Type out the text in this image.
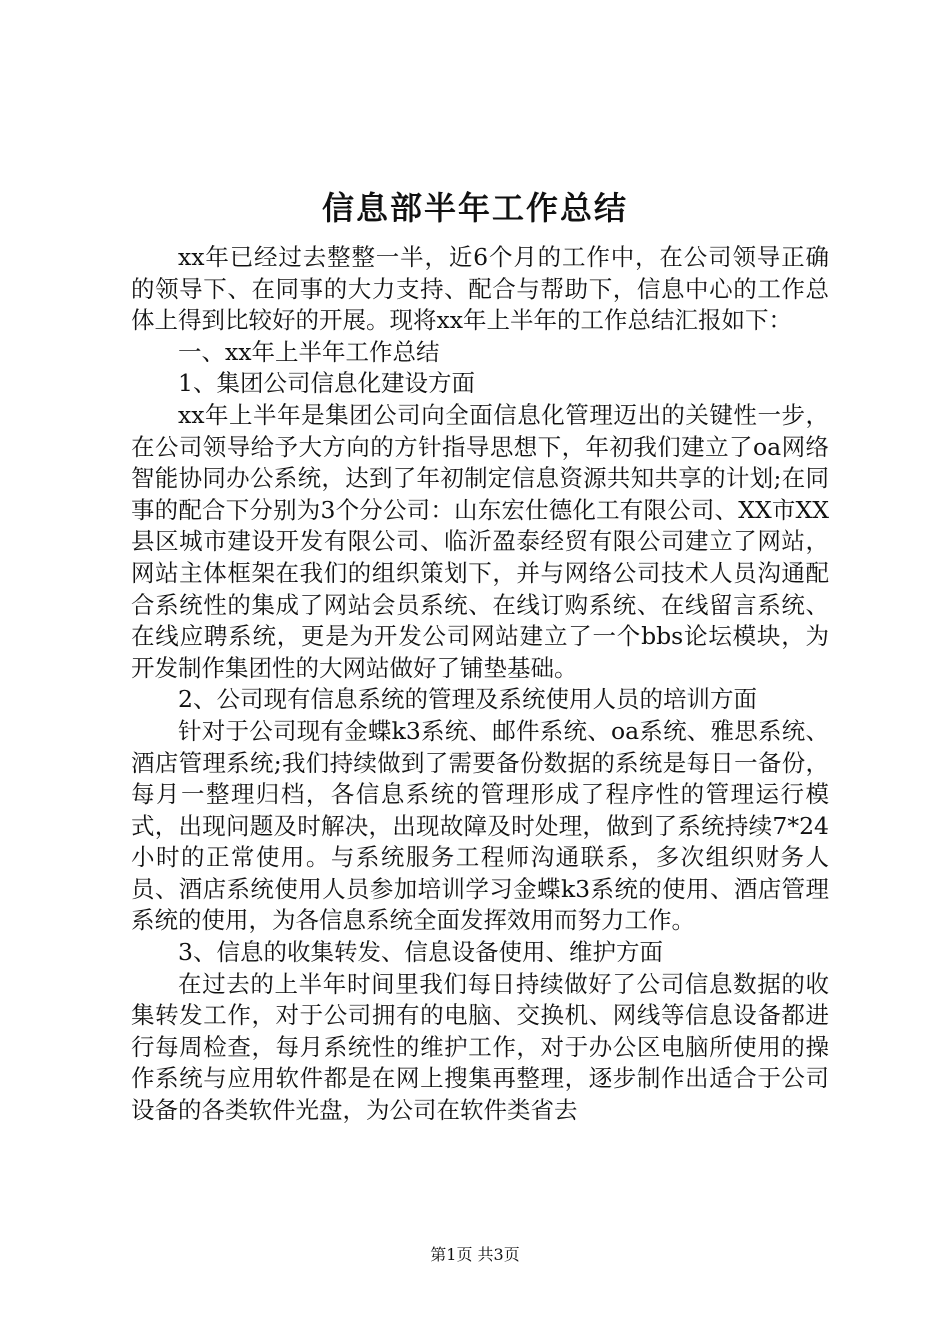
信息部半年工作总结

xx年已经过去整整一半，近6个月的工作中，在公司领导正确的领导下、在同事的大力支持、配合与帮助下，信息中心的工作总体上得到比较好的开展。现将xx年上半年的工作总结汇报如下：

一、xx年上半年工作总结

1、集团公司信息化建设方面

xx年上半年是集团公司向全面信息化管理迈出的关键性一步，在公司领导给予大方向的方针指导思想下，年初我们建立了oa网络智能协同办公系统，达到了年初制定信息资源共知共享的计划;在同事的配合下分别为3个分公司：山东宏仕德化工有限公司、XX市XX县区城市建设开发有限公司、临沂盈泰经贸有限公司建立了网站，网站主体框架在我们的组织策划下，并与网络公司技术人员沟通配合系统性的集成了网站会员系统、在线订购系统、在线留言系统、在线应聘系统，更是为开发公司网站建立了一个bbs论坛模块，为开发制作集团性的大网站做好了铺垫基础。

2、公司现有信息系统的管理及系统使用人员的培训方面

针对于公司现有金蝶k3系统、邮件系统、oa系统、雅思系统、酒店管理系统;我们持续做到了需要备份数据的系统是每日一备份，每月一整理归档，各信息系统的管理形成了程序性的管理运行模式，出现问题及时解决，出现故障及时处理，做到了系统持续7*24小时的正常使用。与系统服务工程师沟通联系，多次组织财务人员、酒店系统使用人员参加培训学习金蝶k3系统的使用、酒店管理系统的使用，为各信息系统全面发挥效用而努力工作。

3、信息的收集转发、信息设备使用、维护方面

在过去的上半年时间里我们每日持续做好了公司信息数据的收集转发工作，对于公司拥有的电脑、交换机、网线等信息设备都进行每周检查，每月系统性的维护工作，对于办公区电脑所使用的操作系统与应用软件都是在网上搜集再整理，逐步制作出适合于公司设备的各类软件光盘，为公司在软件类省去

第1页 共3页
